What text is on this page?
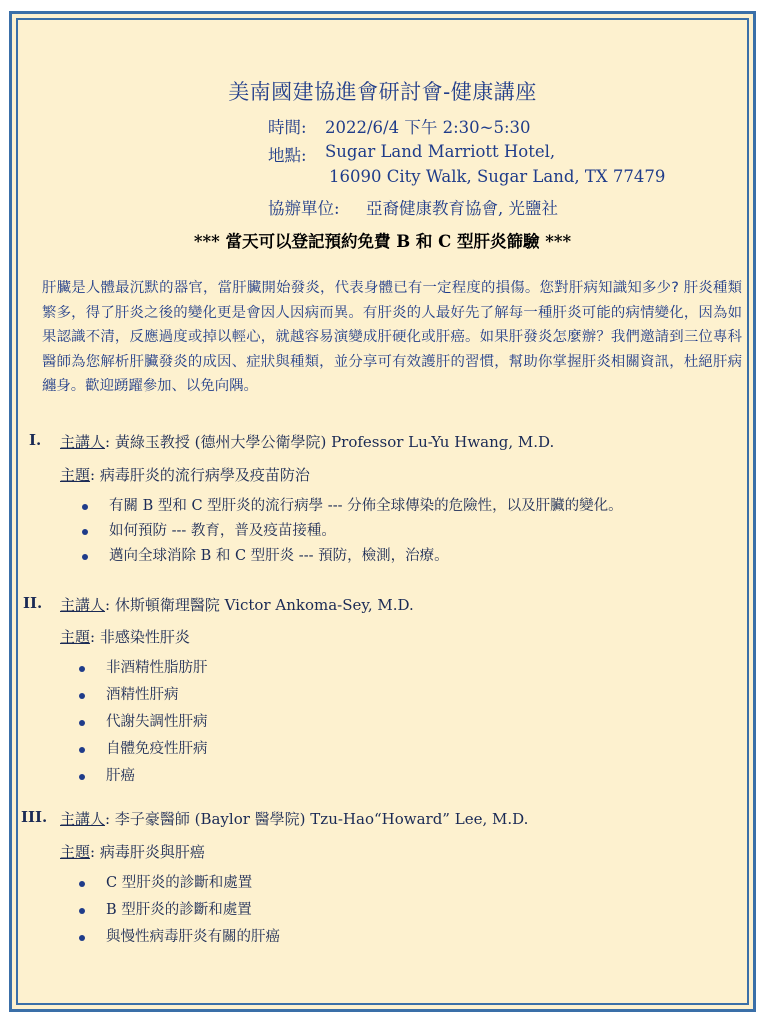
美南國建協進會研討會-健康講座
時間: 2022/6/4 下午 2:30~5:30
地點: Sugar Land Marriott Hotel,
16090 City Walk, Sugar Land, TX 77479
協辦單位: 亞裔健康教育協會, 光鹽社
*** 當天可以登記預約免費 B 和 C 型肝炎篩驗 ***
肝臟是人體最沉默的器官，當肝臟開始發炎，代表身體已有一定程度的損傷。您對肝病知識知多少? 肝炎種類繁多，得了肝炎之後的變化更是會因人因病而異。有肝炎的人最好先了解每一種肝炎可能的病情變化，因為如果認識不清，反應過度或掉以輕心，就越容易演變成肝硬化或肝癌。如果肝發炎怎麼辦？我們邀請到三位專科醫師為您解析肝臟發炎的成因、症狀與種類，並分享可有效護肝的習慣，幫助你掌握肝炎相關資訊，杜絕肝病纏身。歡迎踴躍參加、以免向隅。
I. 主講人: 黃綠玉教授 (德州大學公衛學院) Professor Lu-Yu Hwang, M.D.
主題: 病毒肝炎的流行病學及疫苗防治
有關 B 型和 C 型肝炎的流行病學 --- 分佈全球傳染的危險性，以及肝臟的變化。
如何預防 --- 教育，普及疫苗接種。
邁向全球消除 B 和 C 型肝炎 --- 預防，檢測，治療。
II. 主講人: 休斯頓衛理醫院 Victor Ankoma-Sey, M.D.
主題: 非感染性肝炎
非酒精性脂肪肝
酒精性肝病
代謝失調性肝病
自體免疫性肝病
肝癌
III. 主講人: 李子豪醫師 (Baylor 醫學院) Tzu-Hao“Howard” Lee, M.D.
主題: 病毒肝炎與肝癌
C 型肝炎的診斷和處置
B 型肝炎的診斷和處置
與慢性病毒肝炎有關的肝癌
